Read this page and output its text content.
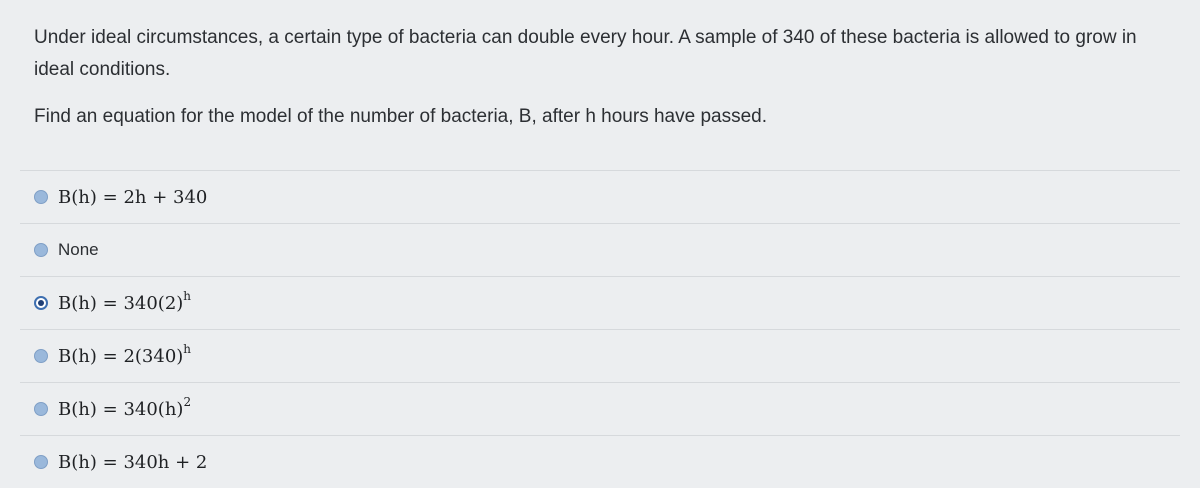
Under ideal circumstances, a certain type of bacteria can double every hour. A sample of 340 of these bacteria is allowed to grow in ideal conditions.

Find an equation for the model of the number of bacteria, B, after h hours have passed.

B(h) = 2h + 340
None
$B(h) = 340(2)^h$
$B(h) = 2(340)^h$
$B(h) = 340(h)^2$
B(h) = 340h + 2
